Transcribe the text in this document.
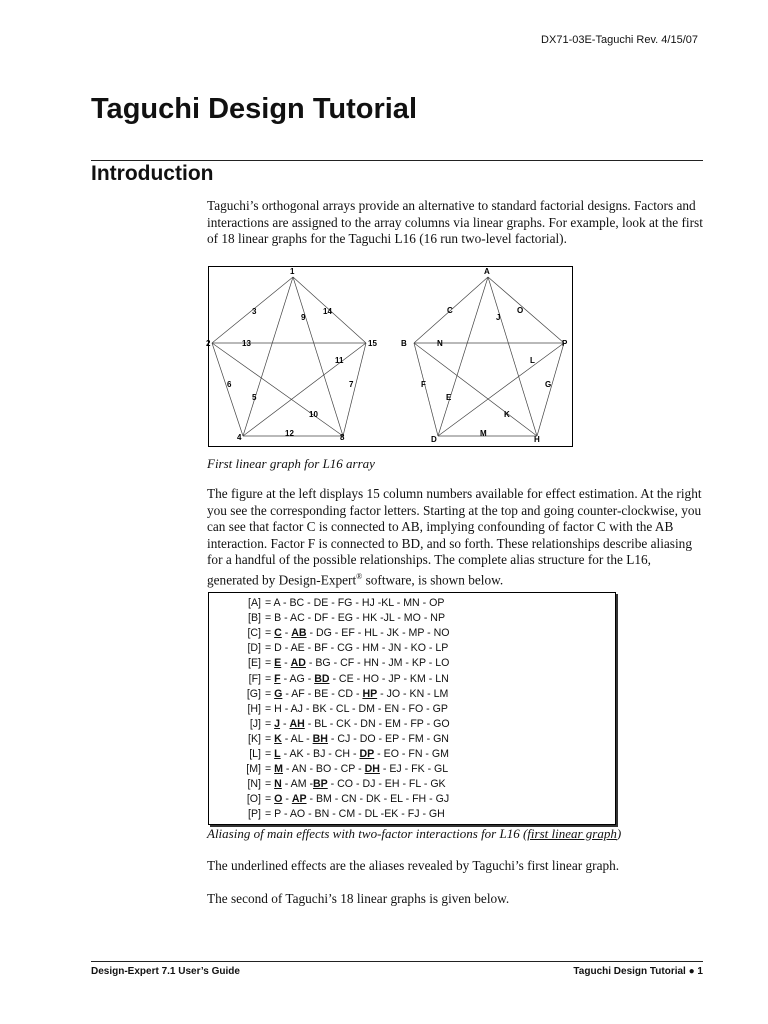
DX71-03E-Taguchi Rev. 4/15/07
Taguchi Design Tutorial
Introduction
Taguchi’s orthogonal arrays provide an alternative to standard factorial designs. Factors and interactions are assigned to the array columns via linear graphs. For example, look at the first of 18 linear graphs for the Taguchi L16 (16 run two-level factorial).
1
2
3
4
5
6	7
8
9
10
11
12
13
14
15
A
B
C
D
E
F	G
H
J
K
L
M
N
O
P
First linear graph for L16 array
The figure at the left displays 15 column numbers available for effect estimation. At the right you see the corresponding factor letters. Starting at the top and going counter-clockwise, you can see that factor C is connected to AB, implying confounding of factor C with the AB interaction. Factor F is connected to BD, and so forth. These relationships describe aliasing for a handful of the possible relationships. The complete alias structure for the L16, generated by Design-Expert® software, is shown below.
[A] = A - BC - DE - FG - HJ -KL - MN - OP
[B] = B - AC - DF - EG - HK -JL - MO - NP
[C] = C - AB - DG - EF - HL - JK - MP - NO
[D] = D - AE - BF - CG - HM - JN - KO - LP
[E] = E - AD - BG - CF - HN - JM - KP - LO
[F] = F - AG - BD - CE - HO - JP - KM - LN
[G] = G - AF - BE - CD - HP - JO - KN - LM
[H] = H - AJ - BK - CL - DM - EN - FO - GP
[J] = J - AH - BL - CK - DN - EM - FP - GO
[K] = K - AL - BH - CJ - DO - EP - FM - GN
[L] = L - AK - BJ - CH - DP - EO - FN - GM
[M] = M - AN - BO - CP - DH - EJ - FK - GL
[N] = N - AM -BP - CO - DJ - EH - FL - GK
[O] = O - AP - BM - CN - DK - EL - FH - GJ
[P] = P - AO - BN - CM - DL -EK - FJ - GH
Aliasing of main effects with two-factor interactions for L16 (first linear graph)
The underlined effects are the aliases revealed by Taguchi’s first linear graph.
The second of Taguchi’s 18 linear graphs is given below.
Design-Expert 7.1 User’s Guide	Taguchi Design Tutorial ● 1
